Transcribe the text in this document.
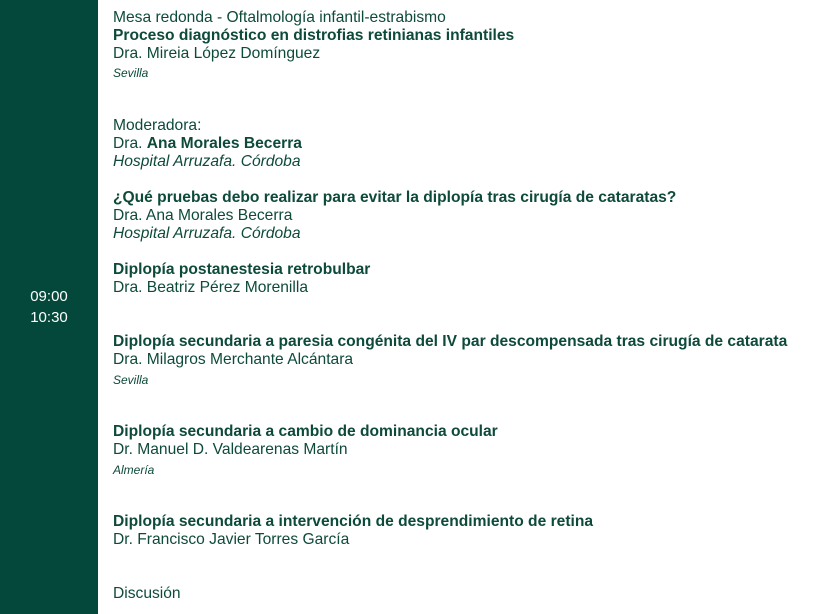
09:00
10:30
Mesa redonda - Oftalmología infantil-estrabismo
Proceso diagnóstico en distrofias retinianas infantiles
Dra. Mireia López Domínguez
Sevilla
Moderadora:
Dra. Ana Morales Becerra
Hospital Arruzafa. Córdoba
¿Qué pruebas debo realizar para evitar la diplopía tras cirugía de cataratas?
Dra. Ana Morales Becerra
Hospital Arruzafa. Córdoba
Diplopía postanestesia retrobulbar
Dra. Beatriz Pérez Morenilla
Diplopía secundaria a paresia congénita del IV par descompensada tras cirugía de catarata
Dra. Milagros Merchante Alcántara
Sevilla
Diplopía secundaria a cambio de dominancia ocular
Dr. Manuel D. Valdearenas Martín
Almería
Diplopía secundaria a intervención de desprendimiento de retina
Dr. Francisco Javier Torres García
Discusión
